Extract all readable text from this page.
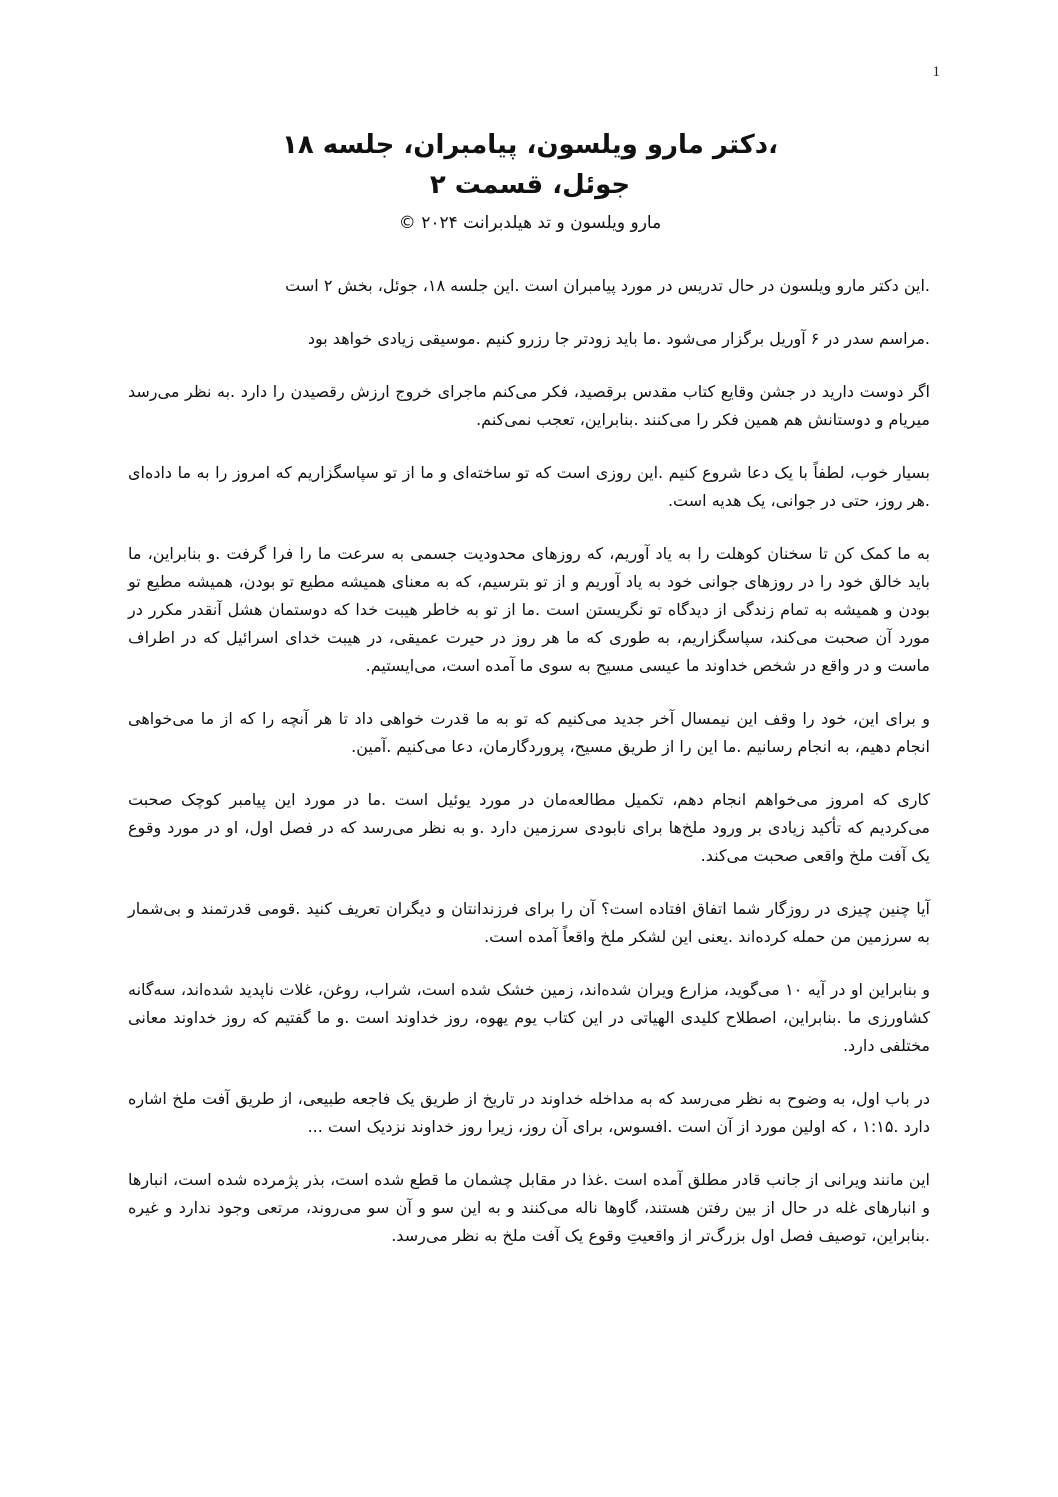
1
،دکتر مارو ویلسون، پیامبران، جلسه ۱۸
جوئل، قسمت ۲
مارو ویلسون و تد هیلدبرانت ۲۰۲۴ ©

.این دکتر مارو ویلسون در حال تدریس در مورد پیامبران است .این جلسه ۱۸، جوئل، بخش ۲ است

.مراسم سدر در ۶ آوریل برگزار می‌شود .ما باید زودتر جا رزرو کنیم .موسیقی زیادی خواهد بود

اگر دوست دارید در جشن وقایع کتاب مقدس برقصید، فکر می‌کنم ماجرای خروج ارزش رقصیدن را دارد .به نظر می‌رسد میریام و دوستانش هم همین فکر را می‌کنند .بنابراین، تعجب نمی‌کنم.

بسیار خوب، لطفاً با یک دعا شروع کنیم .این روزی است که تو ساخته‌ای و ما از تو سپاسگزاریم که امروز را به ما داده‌ای .هر روز، حتی در جوانی، یک هدیه است.

به ما کمک کن تا سخنان کوهلت را به یاد آوریم، که روزهای محدودیت جسمی به سرعت ما را فرا گرفت .و بنابراین، ما باید خالق خود را در روزهای جوانی خود به یاد آوریم و از تو بترسیم، که به معنای همیشه مطیع تو بودن، همیشه مطیع تو بودن و همیشه به تمام زندگی از دیدگاه تو نگریستن است .ما از تو به خاطر هیبت خدا که دوستمان هشل آنقدر مکرر در مورد آن صحبت می‌کند، سپاسگزاریم، به طوری که ما هر روز در حیرت عمیقی، در هیبت خدای اسرائیل که در اطراف ماست و در واقع در شخص خداوند ما عیسی مسیح به سوی ما آمده است، می‌ایستیم.

و برای این، خود را وقف این نیمسال آخر جدید می‌کنیم که تو به ما قدرت خواهی داد تا هر آنچه را که از ما می‌خواهی انجام دهیم، به انجام رسانیم .ما این را از طریق مسیح، پروردگارمان، دعا می‌کنیم .آمین.

کاری که امروز می‌خواهم انجام دهم، تکمیل مطالعه‌مان در مورد یوئیل است .ما در مورد این پیامبر کوچک صحبت می‌کردیم که تأکید زیادی بر ورود ملخ‌ها برای نابودی سرزمین دارد .و به نظر می‌رسد که در فصل اول، او در مورد وقوع یک آفت ملخ واقعی صحبت می‌کند.

آیا چنین چیزی در روزگار شما اتفاق افتاده است؟ آن را برای فرزندانتان و دیگران تعریف کنید .قومی قدرتمند و بی‌شمار به سرزمین من حمله کرده‌اند .یعنی این لشکر ملخ واقعاً آمده است.

و بنابراین او در آیه ۱۰ می‌گوید، مزارع ویران شده‌اند، زمین خشک شده است، شراب، روغن، غلات ناپدید شده‌اند، سه‌گانه کشاورزی ما .بنابراین، اصطلاح کلیدی الهیاتی در این کتاب یوم یهوه، روز خداوند است .و ما گفتیم که روز خداوند معانی مختلفی دارد.

در باب اول، به وضوح به نظر می‌رسد که به مداخله خداوند در تاریخ از طریق یک فاجعه طبیعی، از طریق آفت ملخ اشاره دارد .۱:۱۵ ، که اولین مورد از آن است .افسوس، برای آن روز، زیرا روز خداوند نزدیک است ...

این مانند ویرانی از جانب قادر مطلق آمده است .غذا در مقابل چشمان ما قطع شده است، بذر پژمرده شده است، انبارها و انبارهای غله در حال از بین رفتن هستند، گاوها ناله می‌کنند و به این سو و آن سو می‌روند، مرتعی وجود ندارد و غیره .بنابراین، توصیف فصل اول بزرگ‌تر از واقعیتِ وقوع یک آفت ملخ به نظر می‌رسد.
